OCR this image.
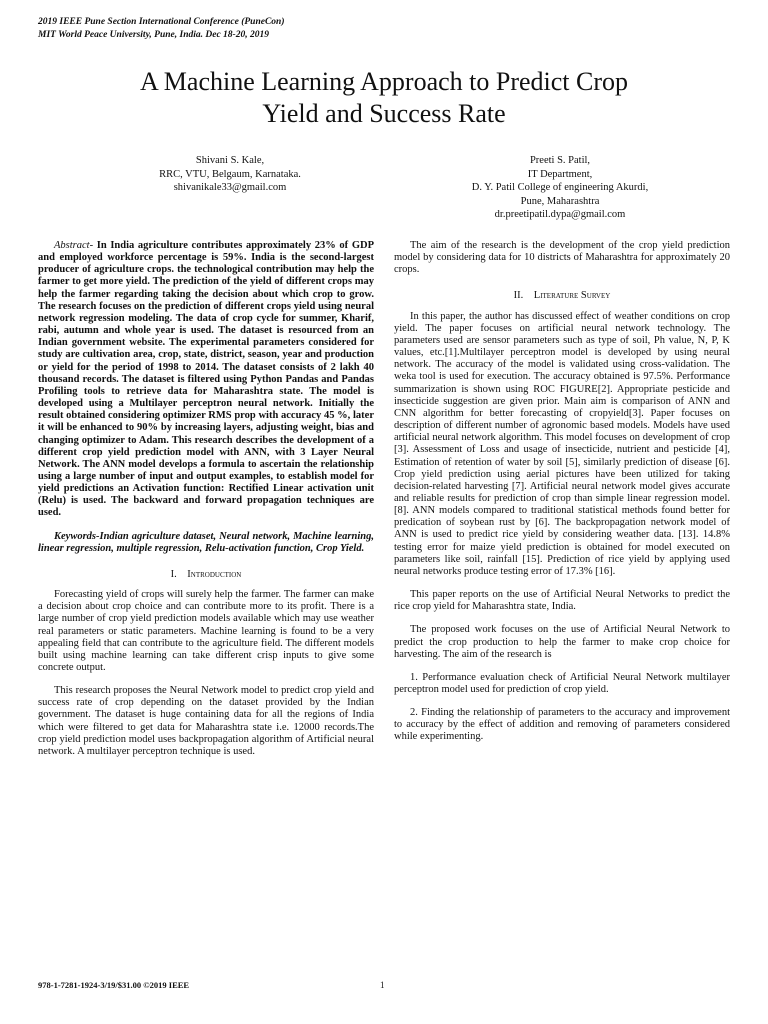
2019 IEEE Pune Section International Conference (PuneCon)
MIT World Peace University, Pune, India. Dec 18-20, 2019
A Machine Learning Approach to Predict Crop
Yield and Success Rate
Shivani S. Kale,
RRC, VTU, Belgaum, Karnataka.
shivanikale33@gmail.com
Preeti S. Patil,
IT Department,
D. Y. Patil College of engineering Akurdi,
Pune, Maharashtra
dr.preetipatil.dypa@gmail.com

Abstract- In India agriculture contributes approximately 23% of GDP and employed workforce percentage is 59%. India is the second-largest producer of agriculture crops. the technological contribution may help the farmer to get more yield. The prediction of the yield of different crops may help the farmer regarding taking the decision about which crop to grow. The research focuses on the prediction of different crops yield using neural network regression modeling. The data of crop cycle for summer, Kharif, rabi, autumn and whole year is used. The dataset is resourced from an Indian government website. The experimental parameters considered for study are cultivation area, crop, state, district, season, year and production or yield for the period of 1998 to 2014. The dataset consists of 2 lakh 40 thousand records. The dataset is filtered using Python Pandas and Pandas Profiling tools to retrieve data for Maharashtra state. The model is developed using a Multilayer perceptron neural network. Initially the result obtained considering optimizer RMS prop with accuracy 45 %, later it will be enhanced to 90% by increasing layers, adjusting weight, bias and changing optimizer to Adam. This research describes the development of a different crop yield prediction model with ANN, with 3 Layer Neural Network. The ANN model develops a formula to ascertain the relationship using a large number of input and output examples, to establish model for yield predictions an Activation function: Rectified Linear activation unit (Relu) is used. The backward and forward propagation techniques are used.

Keywords-Indian agriculture dataset, Neural network, Machine learning, linear regression, multiple regression, Relu-activation function, Crop Yield.

I. Introduction

Forecasting yield of crops will surely help the farmer. The farmer can make a decision about crop choice and can contribute more to its profit. There is a large number of crop yield prediction models available which may use weather real parameters or static parameters. Machine learning is found to be a very appealing field that can contribute to the agriculture field. The different models built using machine learning can take different crisp inputs to give some concrete output.

This research proposes the Neural Network model to predict crop yield and success rate of crop depending on the dataset provided by the Indian government. The dataset is huge containing data for all the regions of India which were filtered to get data for Maharashtra state i.e. 12000 records.The crop yield prediction model uses backpropagation algorithm of Artificial neural network. A multilayer perceptron technique is used.

The aim of the research is the development of the crop yield prediction model by considering data for 10 districts of Maharashtra for approximately 20 crops.

II. Literature Survey

In this paper, the author has discussed effect of weather conditions on crop yield. The paper focuses on artificial neural network technology. The parameters used are sensor parameters such as type of soil, Ph value, N, P, K values, etc.[1].Multilayer perceptron model is developed by using neural network. The accuracy of the model is validated using cross-validation. The weka tool is used for execution. The accuracy obtained is 97.5%. Performance summarization is shown using ROC FIGURE[2]. Appropriate pesticide and insecticide suggestion are given prior. Main aim is comparison of ANN and CNN algorithm for better forecasting of cropyield[3]. Paper focuses on description of different number of agronomic based models. Models have used artificial neural network algorithm. This model focuses on development of crop [3]. Assessment of Loss and usage of insecticide, nutrient and pesticide [4], Estimation of retention of water by soil [5], similarly prediction of disease [6]. Crop yield prediction using aerial pictures have been utilized for taking decision-related harvesting [7]. Artificial neural network model gives accurate and reliable results for prediction of crop than simple linear regression model. [8]. ANN models compared to traditional statistical methods found better for predication of soybean rust by [6]. The backpropagation network model of ANN is used to predict rice yield by considering weather data. [13]. 14.8% testing error for maize yield prediction is obtained for model executed on parameters like soil, rainfall [15]. Prediction of rice yield by applying used neural networks produce testing error of 17.3% [16].

This paper reports on the use of Artificial Neural Networks to predict the rice crop yield for Maharashtra state, India.

The proposed work focuses on the use of Artificial Neural Network to predict the crop production to help the farmer to make crop choice for harvesting. The aim of the research is

1. Performance evaluation check of Artificial Neural Network multilayer perceptron model used for prediction of crop yield.

2. Finding the relationship of parameters to the accuracy and improvement to accuracy by the effect of addition and removing of parameters considered while experimenting.

978-1-7281-1924-3/19/$31.00 ©2019 IEEE	1
